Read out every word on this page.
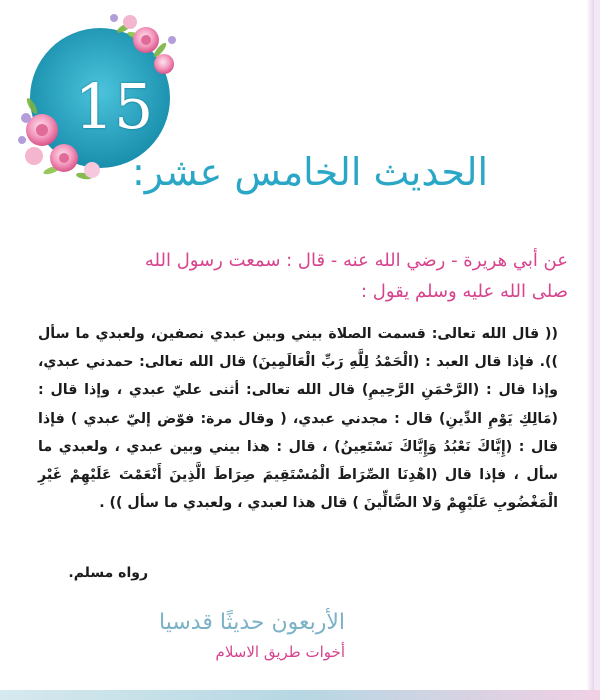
15
الحديث الخامس عشر:
عن أبي هريرة - رضي الله عنه - قال : سمعت رسول الله
صلى الله عليه وسلم يقول :
(( قال الله تعالى: قسمت الصلاة بيني وبين عبدي نصفين، ولعبدي ما سأل )). فإذا قال العبد : (الْحَمْدُ لِلَّهِ رَبِّ الْعَالَمِينَ) قال الله تعالى: حمدني عبدي، وإذا قال : (الرَّحْمَنِ الرَّحِيمِ) قال الله تعالى: أثنى عليّ عبدي ، وإذا قال : (مَالِكِ يَوْمِ الدِّينِ) قال : مجدني عبدي، ( وقال مرة: فوّض إليّ عبدي ) فإذا قال : (إِيَّاكَ نَعْبُدُ وَإِيَّاكَ نَسْتَعِينُ) ، قال : هذا بيني وبين عبدي ، ولعبدي ما سأل ، فإذا قال (اهْدِنَا الصِّرَاطَ الْمُسْتَقِيمَ صِرَاطَ الَّذِينَ أَنْعَمْتَ عَلَيْهِمْ غَيْرِ الْمَغْضُوبِ عَلَيْهِمْ وَلا الضَّالِّينَ ) قال هذا لعبدي ، ولعبدي ما سأل )) .
رواه مسلم.
الأربعون حديثًا قدسيا
أخوات طريق الاسلام
